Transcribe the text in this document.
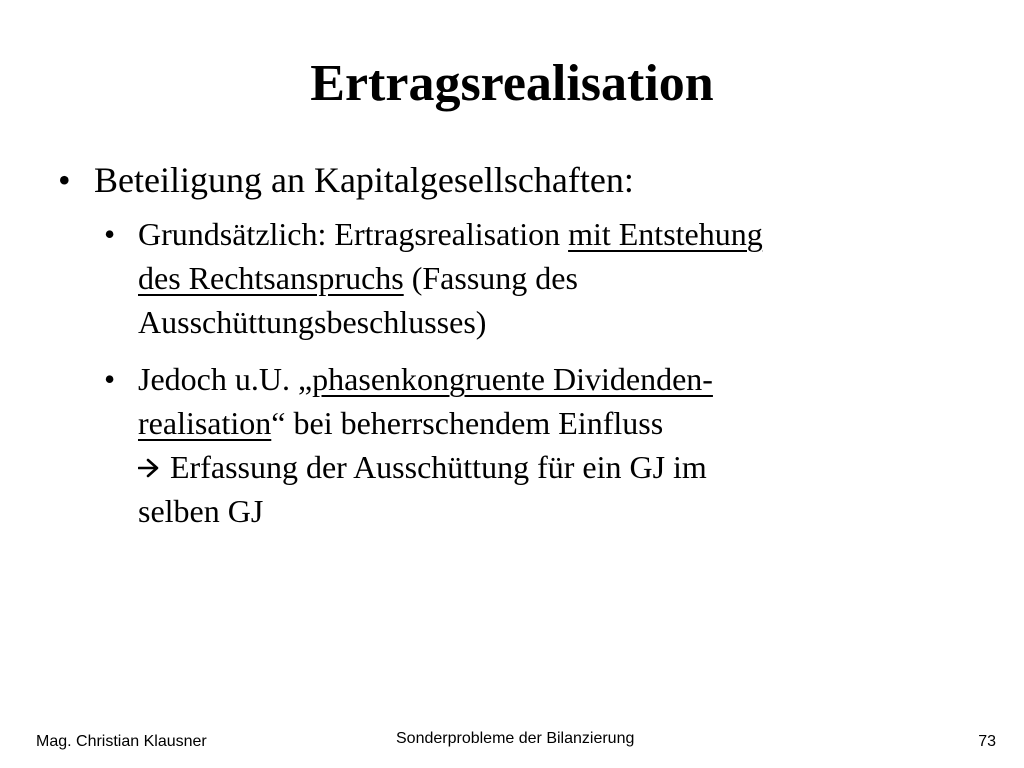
Ertragsrealisation
• Beteiligung an Kapitalgesellschaften:
• Grundsätzlich: Ertragsrealisation mit Entstehung
des Rechtsanspruchs (Fassung des
Ausschüttungsbeschlusses)
• Jedoch u.U. „phasenkongruente Dividenden-
realisation“ bei beherrschendem Einfluss
Erfassung der Ausschüttung für ein GJ im
selben GJ
Mag. Christian Klausner	Sonderprobleme der Bilanzierung	73
